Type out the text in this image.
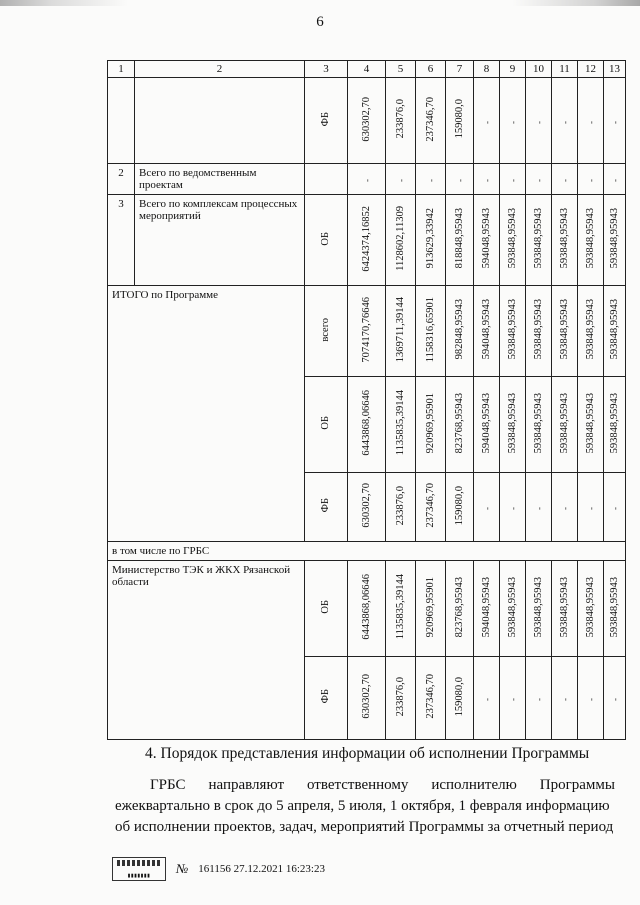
6
1	2	3	4	5	6	7	8	9	10	11	12	13
		ФБ	630302,70	233876,0	237346,70	159080,0	-	-	-	-	-	-
2	Всего по ведомственным проектам		-	-	-	-	-	-	-	-	-	-
3	Всего по комплексам процессных мероприятий	ОБ	6424374,16852	1128602,11309	913629,33942	818848,95943	594048,95943	593848,95943	593848,95943	593848,95943	593848,95943	593848,95943
ИТОГО по Программе		всего	7074170,76646	1369711,39144	1158316,65901	982848,95943	594048,95943	593848,95943	593848,95943	593848,95943	593848,95943	593848,95943
		ОБ	6443868,06646	1135835,39144	920969,95901	823768,95943	594048,95943	593848,95943	593848,95943	593848,95943	593848,95943	593848,95943
		ФБ	630302,70	233876,0	237346,70	159080,0	-	-	-	-	-	-
в том числе по ГРБС												
Министерство ТЭК и ЖКХ Рязанской области		ОБ	6443868,06646	1135835,39144	920969,95901	823768,95943	594048,95943	593848,95943	593848,95943	593848,95943	593848,95943	593848,95943
		ФБ	630302,70	233876,0	237346,70	159080,0	-	-	-	-	-	-
4. Порядок представления информации об исполнении Программы
ГРБС направляют ответственному исполнителю Программы
ежеквартально в срок до 5 апреля, 5 июля, 1 октября, 1 февраля информацию
об исполнении проектов, задач, мероприятий Программы за отчетный период
▮▮▮▮▮▮▮
№ 161156 27.12.2021 16:23:23
